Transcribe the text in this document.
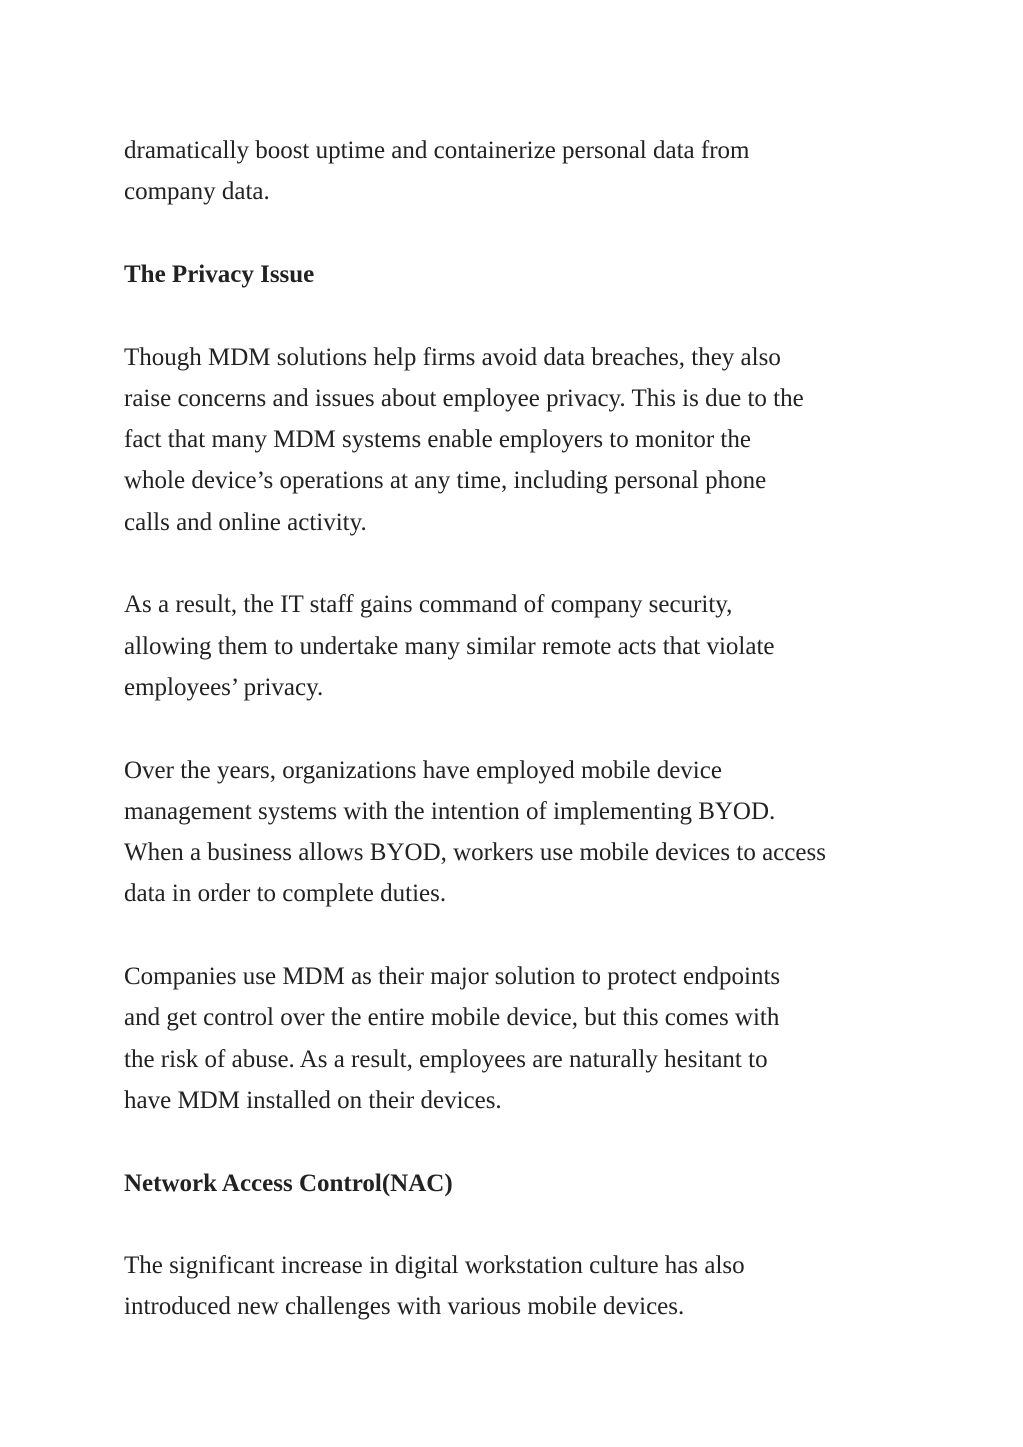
dramatically boost uptime and containerize personal data from
company data.

The Privacy Issue

Though MDM solutions help firms avoid data breaches, they also
raise concerns and issues about employee privacy. This is due to the
fact that many MDM systems enable employers to monitor the
whole device’s operations at any time, including personal phone
calls and online activity.

As a result, the IT staff gains command of company security,
allowing them to undertake many similar remote acts that violate
employees’ privacy.

Over the years, organizations have employed mobile device
management systems with the intention of implementing BYOD.
When a business allows BYOD, workers use mobile devices to access
data in order to complete duties.

Companies use MDM as their major solution to protect endpoints
and get control over the entire mobile device, but this comes with
the risk of abuse. As a result, employees are naturally hesitant to
have MDM installed on their devices.

Network Access Control(NAC)

The significant increase in digital workstation culture has also
introduced new challenges with various mobile devices.
